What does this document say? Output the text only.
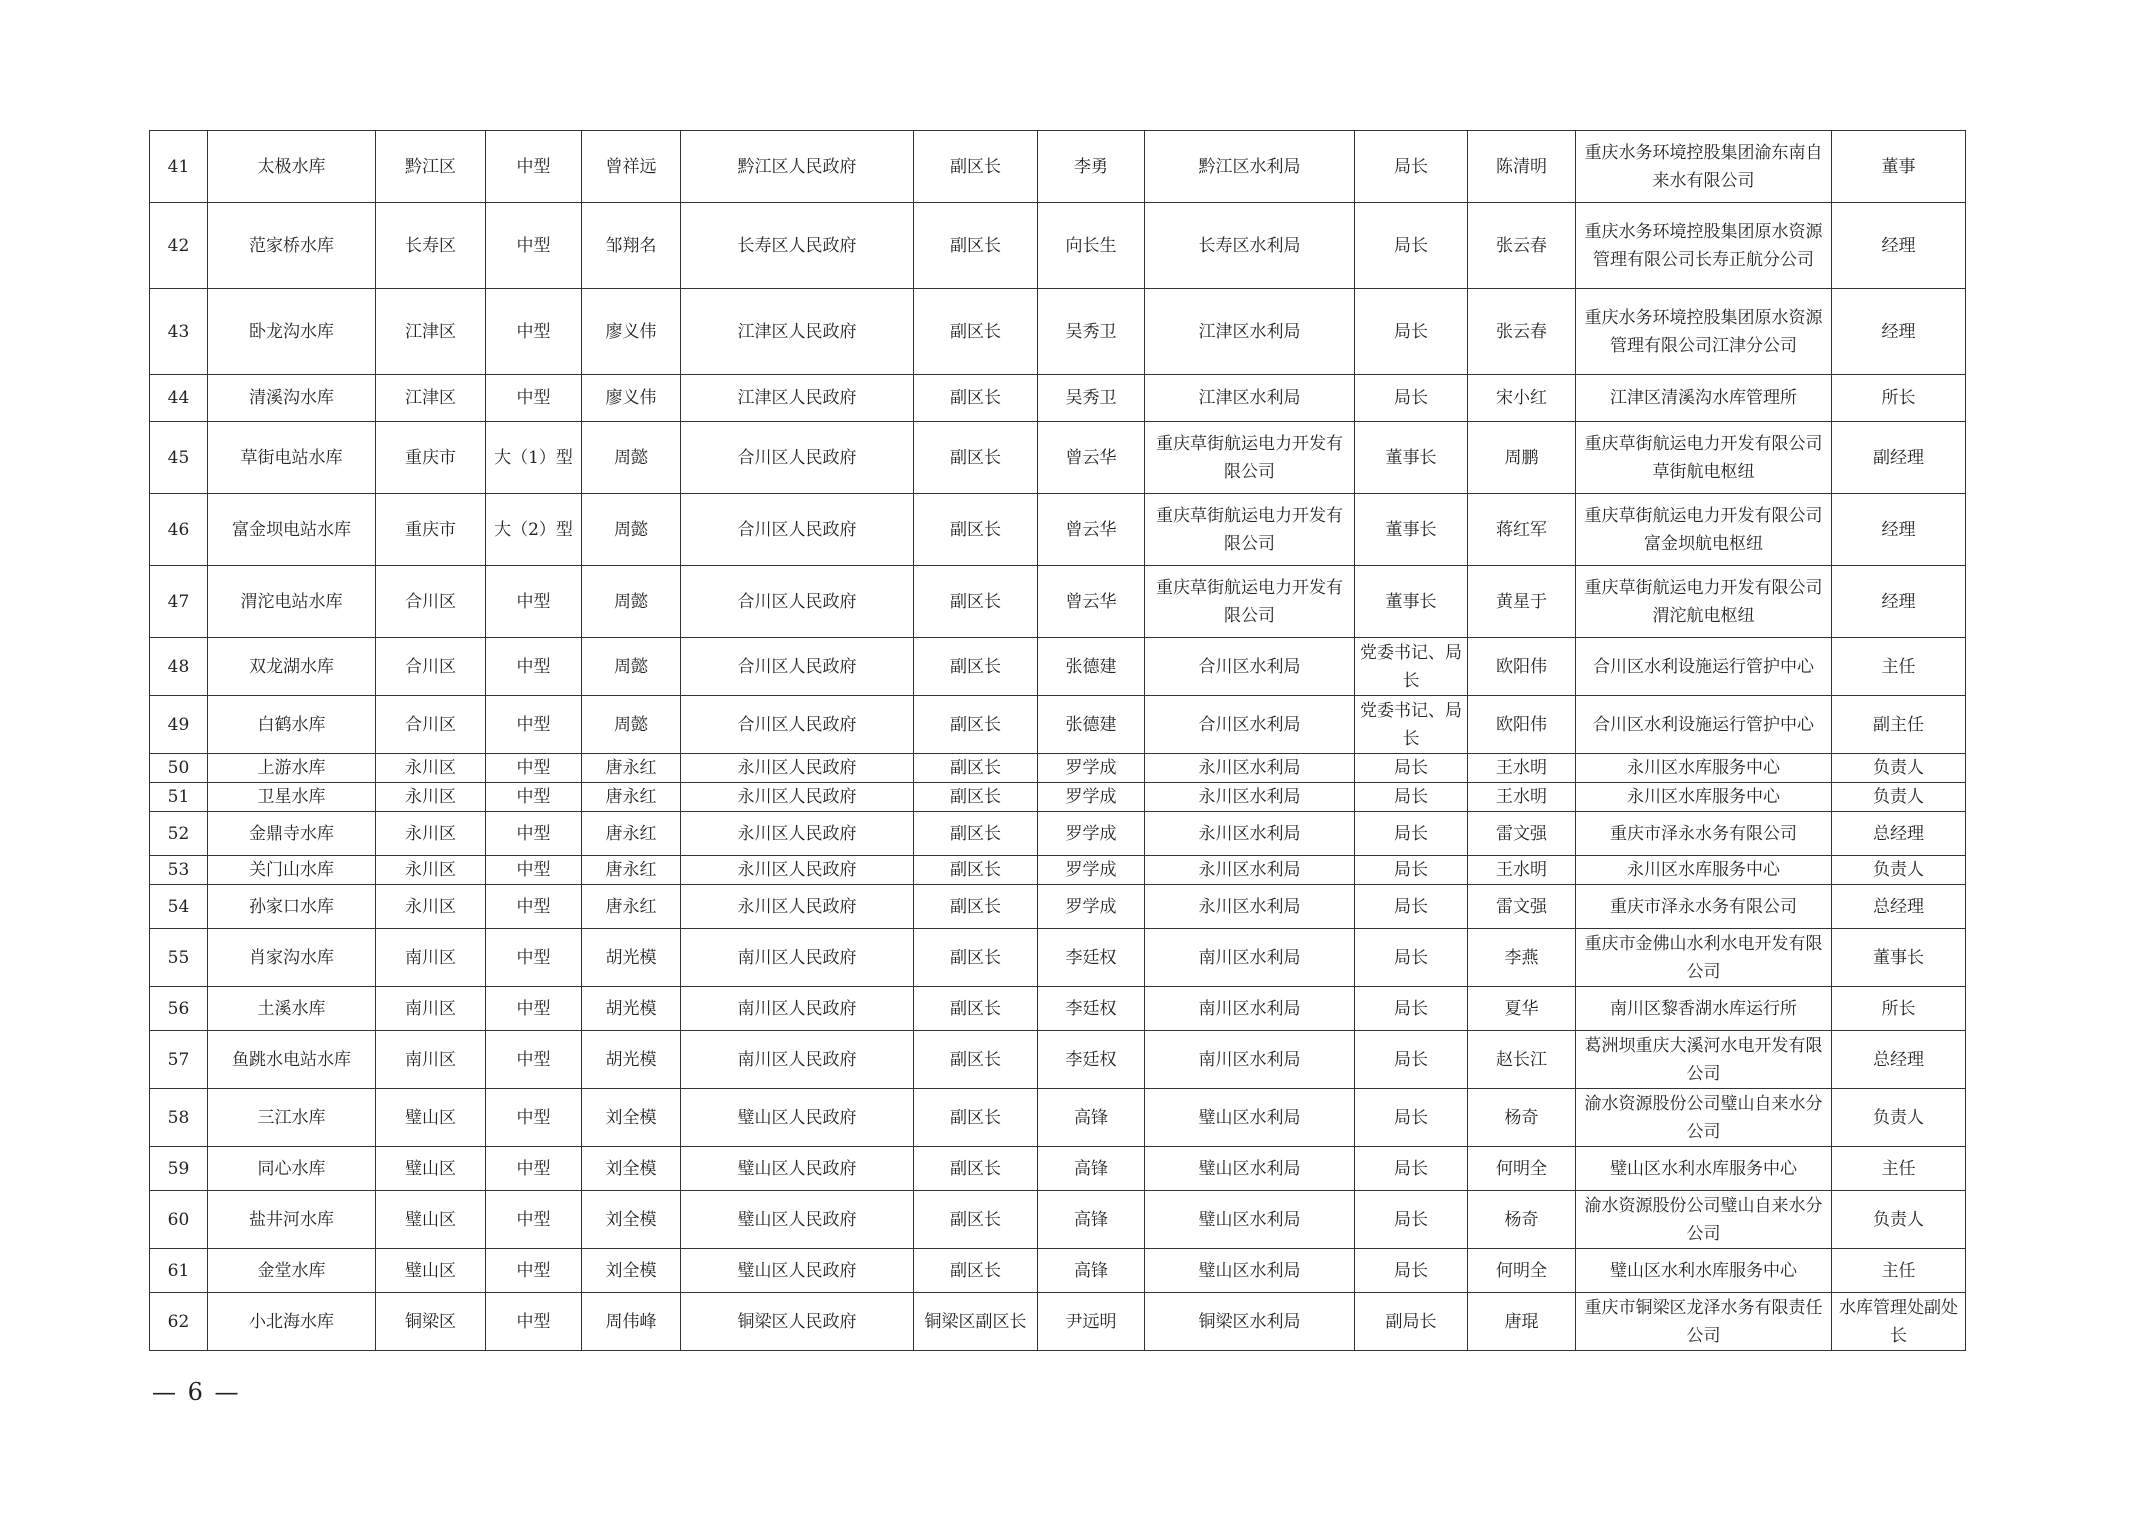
41	太极水库	黔江区	中型	曾祥远	黔江区人民政府	副区长	李勇	黔江区水利局	局长	陈清明	重庆水务环境控股集团渝东南自来水有限公司	董事
42	范家桥水库	长寿区	中型	邹翔名	长寿区人民政府	副区长	向长生	长寿区水利局	局长	张云春	重庆水务环境控股集团原水资源管理有限公司长寿正航分公司	经理
43	卧龙沟水库	江津区	中型	廖义伟	江津区人民政府	副区长	吴秀卫	江津区水利局	局长	张云春	重庆水务环境控股集团原水资源管理有限公司江津分公司	经理
44	清溪沟水库	江津区	中型	廖义伟	江津区人民政府	副区长	吴秀卫	江津区水利局	局长	宋小红	江津区清溪沟水库管理所	所长
45	草街电站水库	重庆市	大（1）型	周懿	合川区人民政府	副区长	曾云华	重庆草街航运电力开发有限公司	董事长	周鹏	重庆草街航运电力开发有限公司草街航电枢纽	副经理
46	富金坝电站水库	重庆市	大（2）型	周懿	合川区人民政府	副区长	曾云华	重庆草街航运电力开发有限公司	董事长	蒋红军	重庆草街航运电力开发有限公司富金坝航电枢纽	经理
47	渭沱电站水库	合川区	中型	周懿	合川区人民政府	副区长	曾云华	重庆草街航运电力开发有限公司	董事长	黄星于	重庆草街航运电力开发有限公司渭沱航电枢纽	经理
48	双龙湖水库	合川区	中型	周懿	合川区人民政府	副区长	张德建	合川区水利局	党委书记、局长	欧阳伟	合川区水利设施运行管护中心	主任
49	白鹤水库	合川区	中型	周懿	合川区人民政府	副区长	张德建	合川区水利局	党委书记、局长	欧阳伟	合川区水利设施运行管护中心	副主任
50	上游水库	永川区	中型	唐永红	永川区人民政府	副区长	罗学成	永川区水利局	局长	王水明	永川区水库服务中心	负责人
51	卫星水库	永川区	中型	唐永红	永川区人民政府	副区长	罗学成	永川区水利局	局长	王水明	永川区水库服务中心	负责人
52	金鼎寺水库	永川区	中型	唐永红	永川区人民政府	副区长	罗学成	永川区水利局	局长	雷文强	重庆市泽永水务有限公司	总经理
53	关门山水库	永川区	中型	唐永红	永川区人民政府	副区长	罗学成	永川区水利局	局长	王水明	永川区水库服务中心	负责人
54	孙家口水库	永川区	中型	唐永红	永川区人民政府	副区长	罗学成	永川区水利局	局长	雷文强	重庆市泽永水务有限公司	总经理
55	肖家沟水库	南川区	中型	胡光模	南川区人民政府	副区长	李廷权	南川区水利局	局长	李燕	重庆市金佛山水利水电开发有限公司	董事长
56	土溪水库	南川区	中型	胡光模	南川区人民政府	副区长	李廷权	南川区水利局	局长	夏华	南川区黎香湖水库运行所	所长
57	鱼跳水电站水库	南川区	中型	胡光模	南川区人民政府	副区长	李廷权	南川区水利局	局长	赵长江	葛洲坝重庆大溪河水电开发有限公司	总经理
58	三江水库	璧山区	中型	刘全模	璧山区人民政府	副区长	高锋	璧山区水利局	局长	杨奇	渝水资源股份公司璧山自来水分公司	负责人
59	同心水库	璧山区	中型	刘全模	璧山区人民政府	副区长	高锋	璧山区水利局	局长	何明全	璧山区水利水库服务中心	主任
60	盐井河水库	璧山区	中型	刘全模	璧山区人民政府	副区长	高锋	璧山区水利局	局长	杨奇	渝水资源股份公司璧山自来水分公司	负责人
61	金堂水库	璧山区	中型	刘全模	璧山区人民政府	副区长	高锋	璧山区水利局	局长	何明全	璧山区水利水库服务中心	主任
62	小北海水库	铜梁区	中型	周伟峰	铜梁区人民政府	铜梁区副区长	尹远明	铜梁区水利局	副局长	唐琨	重庆市铜梁区龙泽水务有限责任公司	水库管理处副处长
— 6 —
